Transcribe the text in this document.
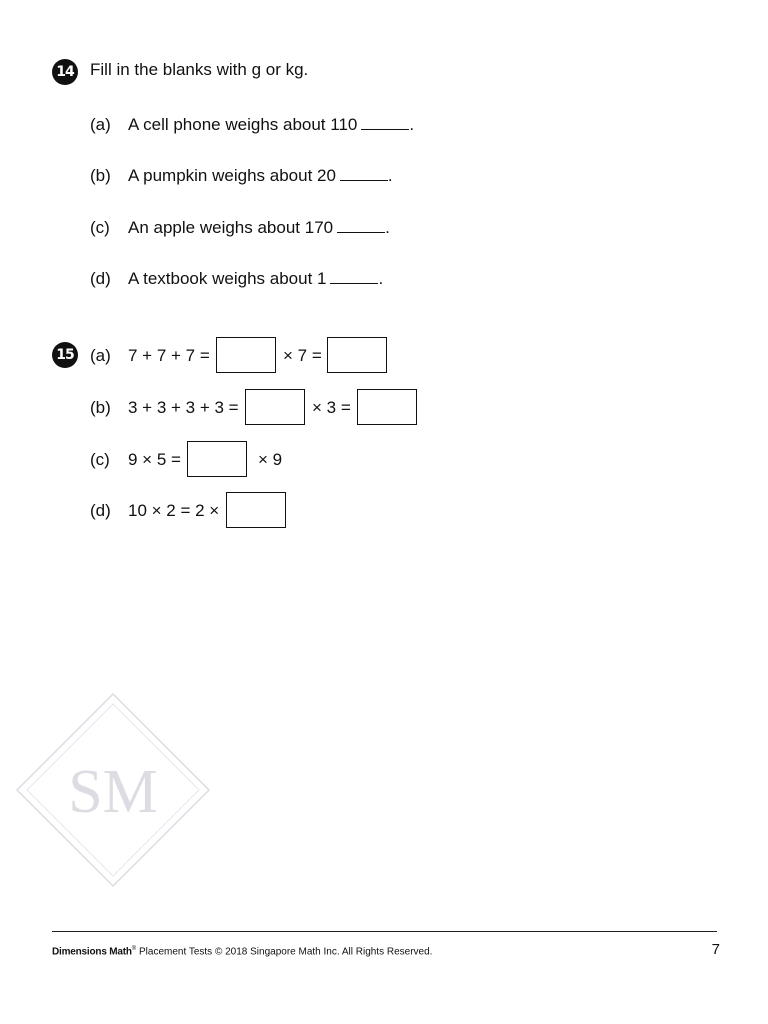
14 Fill in the blanks with g or kg.
(a) A cell phone weighs about 110	.
(b) A pumpkin weighs about 20	.
(c) An apple weighs about 170	.
(d) A textbook weighs about 1	.
15 (a) 7 + 7 + 7 =	× 7 =
(b) 3 + 3 + 3 + 3 =	× 3 =
(c) 9 × 5 =	× 9
(d) 10 × 2 = 2 ×
SM
Dimensions Math® Placement Tests © 2018 Singapore Math Inc. All Rights Reserved.	7
